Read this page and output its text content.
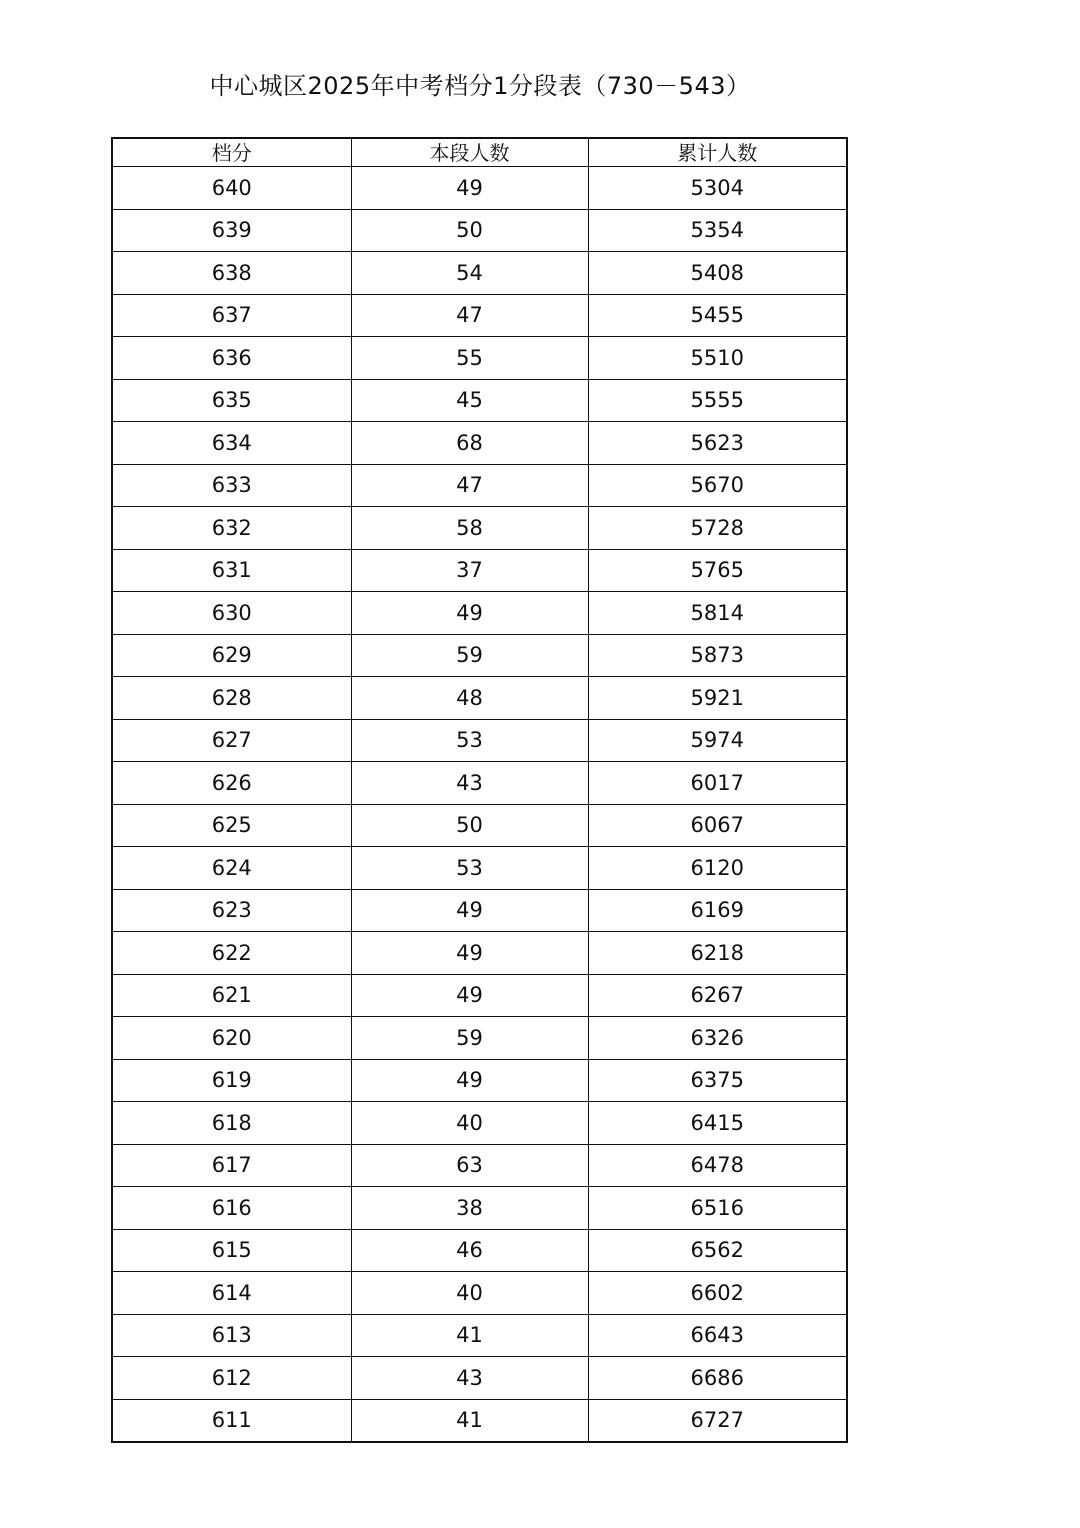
中心城区2025年中考档分1分段表（730－543）
档分	本段人数	累计人数
640	49	5304
639	50	5354
638	54	5408
637	47	5455
636	55	5510
635	45	5555
634	68	5623
633	47	5670
632	58	5728
631	37	5765
630	49	5814
629	59	5873
628	48	5921
627	53	5974
626	43	6017
625	50	6067
624	53	6120
623	49	6169
622	49	6218
621	49	6267
620	59	6326
619	49	6375
618	40	6415
617	63	6478
616	38	6516
615	46	6562
614	40	6602
613	41	6643
612	43	6686
611	41	6727
